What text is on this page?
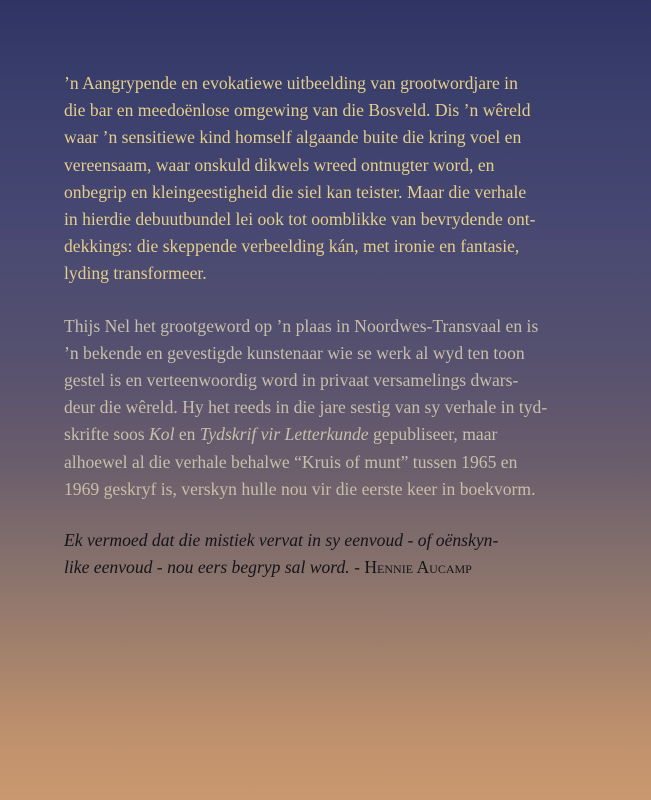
’n Aangrypende en evokatiewe uitbeelding van grootwordjare in
die bar en meedoënlose omgewing van die Bosveld. Dis ’n wêreld
waar ’n sensitiewe kind homself algaande buite die kring voel en
vereensaam, waar onskuld dikwels wreed ontnugter word, en
onbegrip en kleingeestigheid die siel kan teister. Maar die verhale
in hierdie debuutbundel lei ook tot oomblikke van bevrydende ont-
dekkings: die skeppende verbeelding kán, met ironie en fantasie,
lyding transformeer.

Thijs Nel het grootgeword op ’n plaas in Noordwes-Transvaal en is
’n bekende en gevestigde kunstenaar wie se werk al wyd ten toon
gestel is en verteenwoordig word in privaat versamelings dwars-
deur die wêreld. Hy het reeds in die jare sestig van sy verhale in tyd-
skrifte soos Kol en Tydskrif vir Letterkunde gepubliseer, maar
alhoewel al die verhale behalwe “Kruis of munt” tussen 1965 en
1969 geskryf is, verskyn hulle nou vir die eerste keer in boekvorm.

Ek vermoed dat die mistiek vervat in sy eenvoud - of oënskyn-
like eenvoud - nou eers begryp sal word. - Hennie Aucamp
